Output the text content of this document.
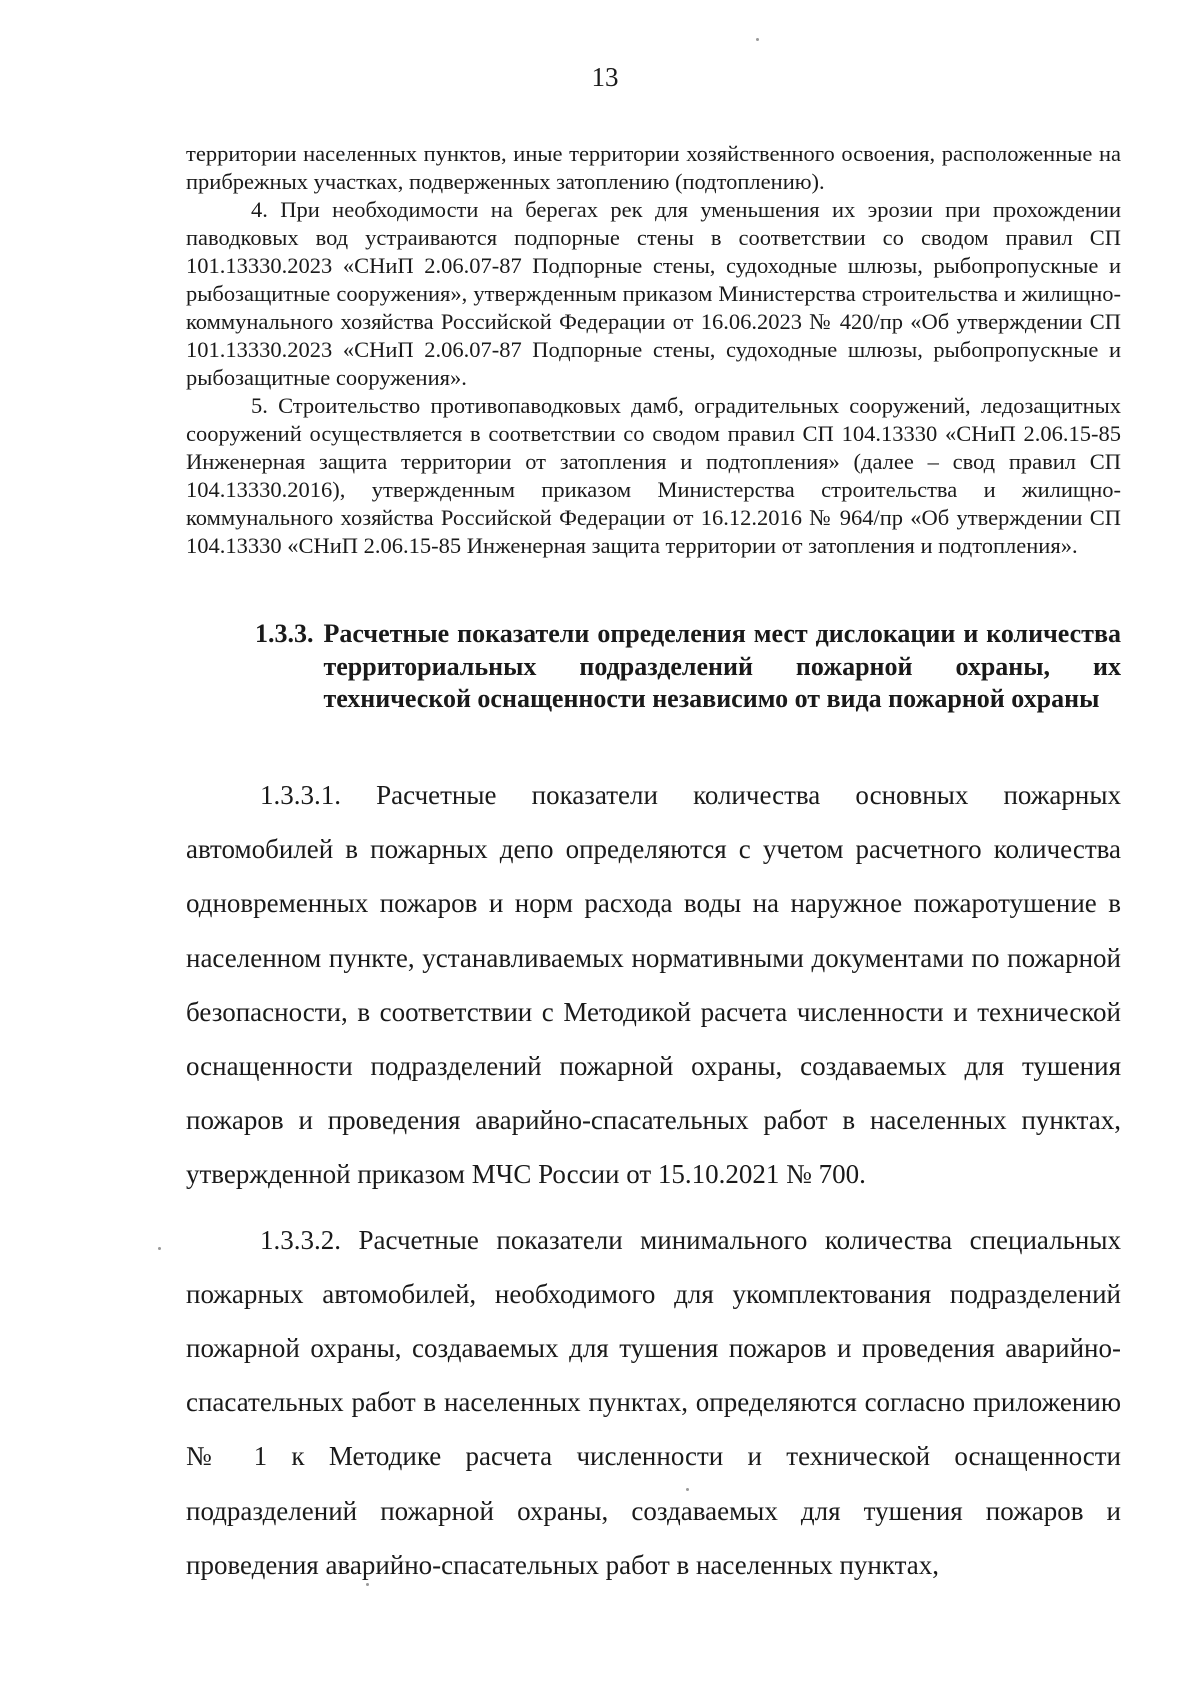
13

территории населенных пунктов, иные территории хозяйственного освоения, расположенные на прибрежных участках, подверженных затоплению (подтоплению).

4. При необходимости на берегах рек для уменьшения их эрозии при прохождении паводковых вод устраиваются подпорные стены в соответствии со сводом правил СП 101.13330.2023 «СНиП 2.06.07-87 Подпорные стены, судоходные шлюзы, рыбопропускные и рыбозащитные сооружения», утвержденным приказом Министерства строительства и жилищно-коммунального хозяйства Российской Федерации от 16.06.2023 № 420/пр «Об утверждении СП 101.13330.2023 «СНиП 2.06.07-87 Подпорные стены, судоходные шлюзы, рыбопропускные и рыбозащитные сооружения».

5. Строительство противопаводковых дамб, оградительных сооружений, ледозащитных сооружений осуществляется в соответствии со сводом правил СП 104.13330 «СНиП 2.06.15-85 Инженерная защита территории от затопления и подтопления» (далее – свод правил СП 104.13330.2016), утвержденным приказом Министерства строительства и жилищно-коммунального хозяйства Российской Федерации от 16.12.2016 № 964/пр «Об утверждении СП 104.13330 «СНиП 2.06.15-85 Инженерная защита территории от затопления и подтопления».

1.3.3. Расчетные показатели определения мест дислокации и количества территориальных подразделений пожарной охраны, их технической оснащенности независимо от вида пожарной охраны

1.3.3.1. Расчетные показатели количества основных пожарных автомобилей в пожарных депо определяются с учетом расчетного количества одновременных пожаров и норм расхода воды на наружное пожаротушение в населенном пункте, устанавливаемых нормативными документами по пожарной безопасности, в соответствии с Методикой расчета численности и технической оснащенности подразделений пожарной охраны, создаваемых для тушения пожаров и проведения аварийно-спасательных работ в населенных пунктах, утвержденной приказом МЧС России от 15.10.2021 № 700.

1.3.3.2. Расчетные показатели минимального количества специальных пожарных автомобилей, необходимого для укомплектования подразделений пожарной охраны, создаваемых для тушения пожаров и проведения аварийно-спасательных работ в населенных пунктах, определяются согласно приложению № 1 к Методике расчета численности и технической оснащенности подразделений пожарной охраны, создаваемых для тушения пожаров и проведения аварийно-спасательных работ в населенных пунктах,
